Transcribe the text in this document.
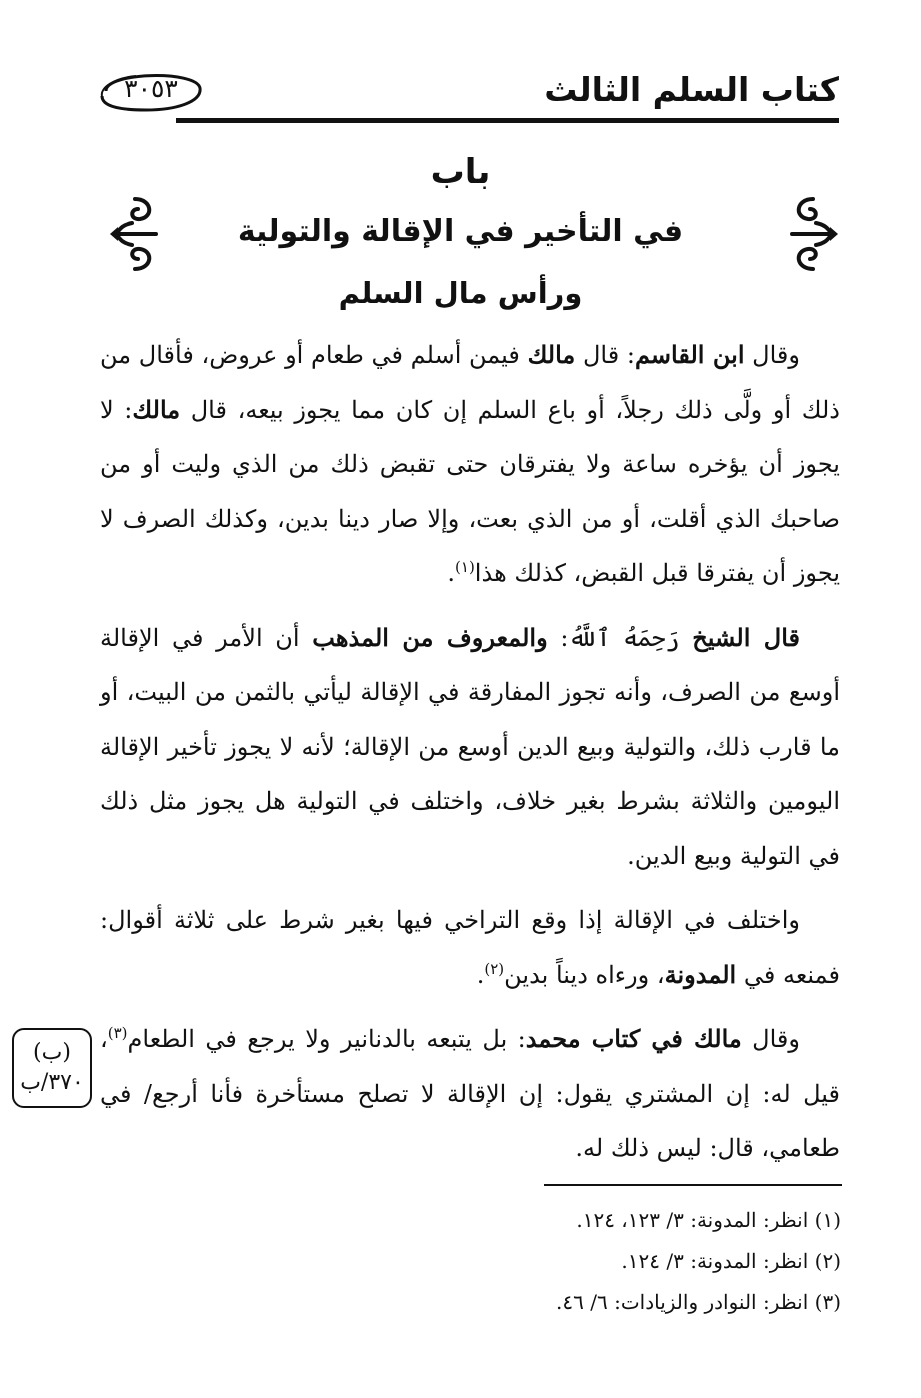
كتاب السلم الثالث
٣٠٥٣
باب
في التأخير في الإقالة والتولية
ورأس مال السلم

وقال ابن القاسم: قال مالك فيمن أسلم في طعام أو عروض، فأقال من ذلك أو ولَّى ذلك رجلاً، أو باع السلم إن كان مما يجوز بيعه، قال مالك: لا يجوز أن يؤخره ساعة ولا يفترقان حتى تقبض ذلك من الذي وليت أو من صاحبك الذي أقلت، أو من الذي بعت، وإلا صار دينا بدين، وكذلك الصرف لا يجوز أن يفترقا قبل القبض، كذلك هذا$^{(١)}$.

قال الشيخ رَحِمَهُ ٱللَّهُ: والمعروف من المذهب أن الأمر في الإقالة أوسع من الصرف، وأنه تجوز المفارقة في الإقالة ليأتي بالثمن من البيت، أو ما قارب ذلك، والتولية وبيع الدين أوسع من الإقالة؛ لأنه لا يجوز تأخير الإقالة اليومين والثلاثة بشرط بغير خلاف، واختلف في التولية هل يجوز مثل ذلك في التولية وبيع الدين.

واختلف في الإقالة إذا وقع التراخي فيها بغير شرط على ثلاثة أقوال: فمنعه في المدونة، ورءاه ديناً بدين$^{(٢)}$.

وقال مالك في كتاب محمد: بل يتبعه بالدنانير ولا يرجع في الطعام$^{(٣)}$، قيل له: إن المشتري يقول: إن الإقالة لا تصلح مستأخرة فأنا أرجع/ في طعامي، قال: ليس ذلك له.

(ب)
٣٧٠/ب

(١) انظر: المدونة: ٣/ ١٢٣، ١٢٤.

(٢) انظر: المدونة: ٣/ ١٢٤.

(٣) انظر: النوادر والزيادات: ٦/ ٤٦.
